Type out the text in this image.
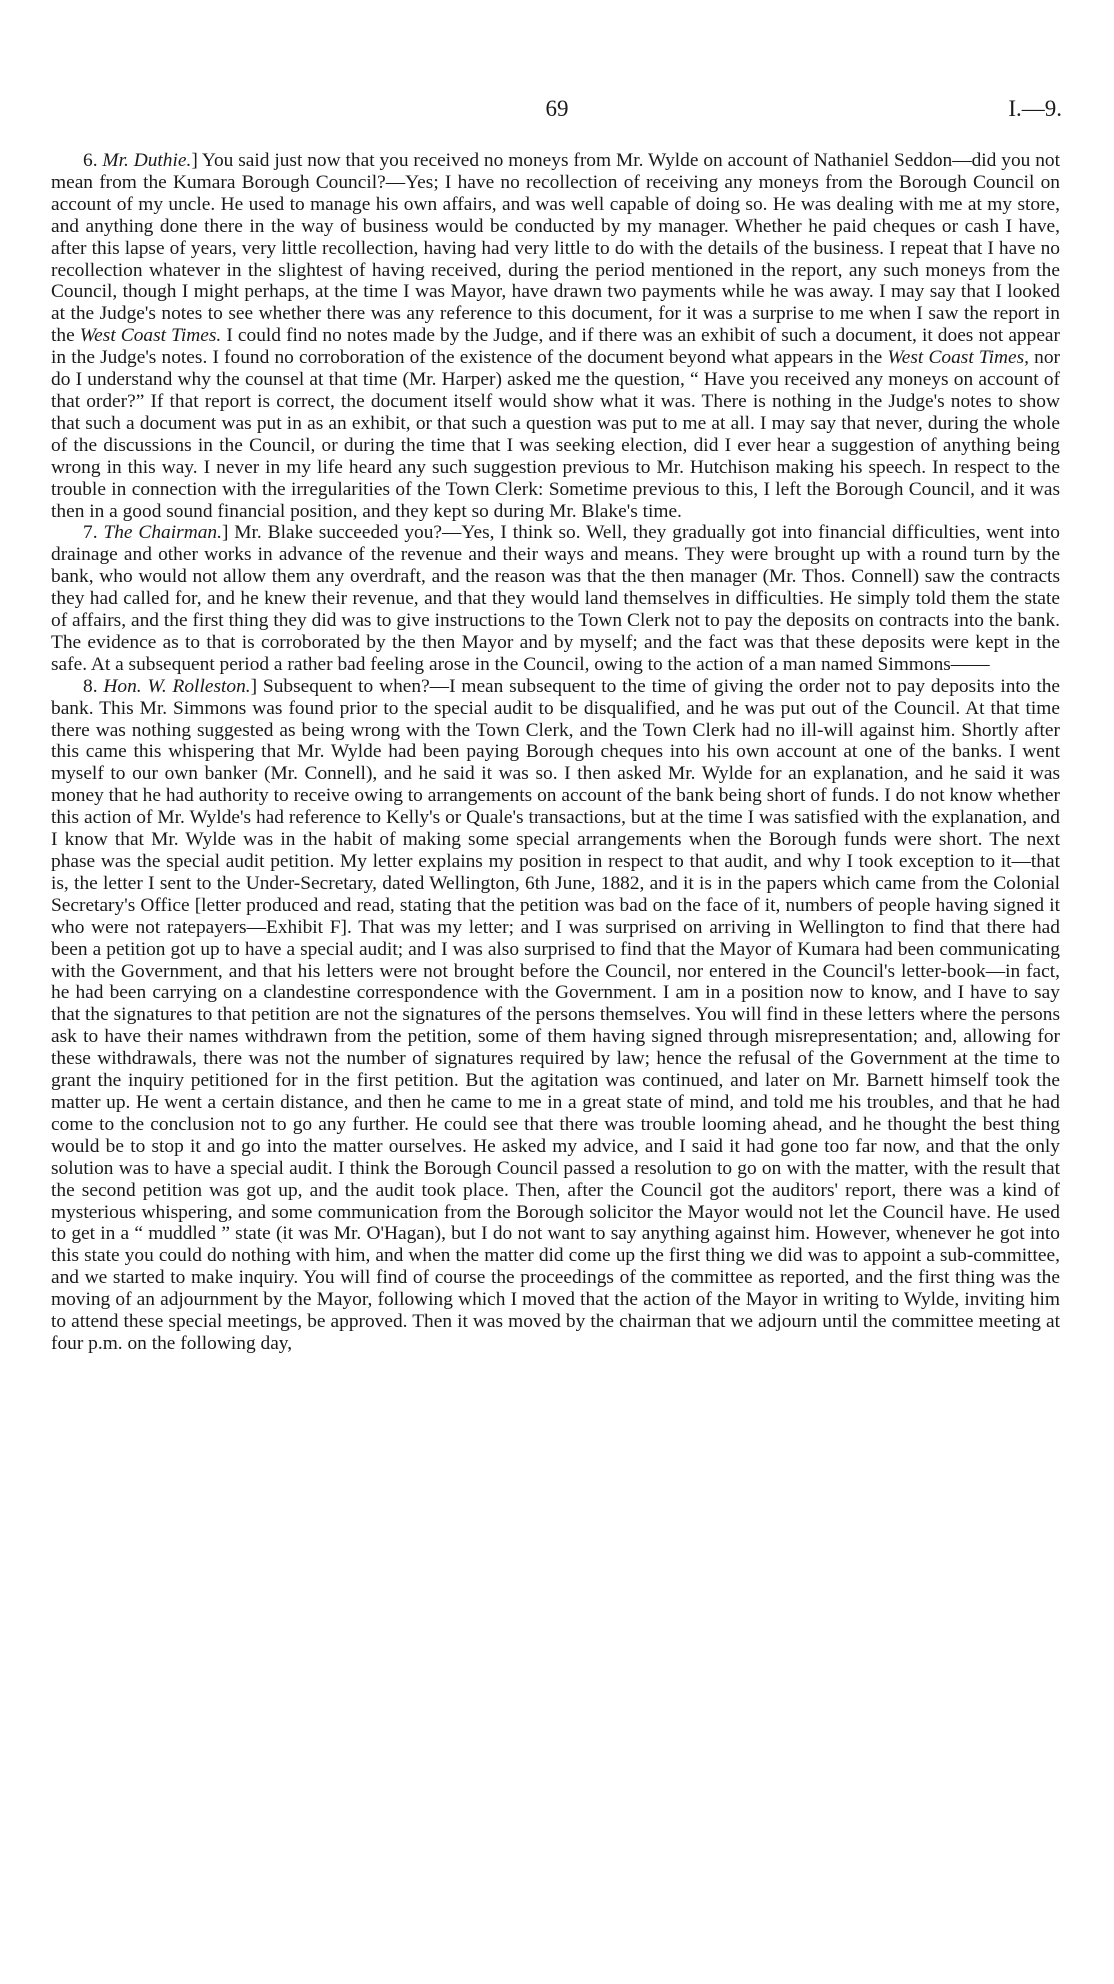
69	I.—9.

6. Mr. Duthie.] You said just now that you received no moneys from Mr. Wylde on account of Nathaniel Seddon—did you not mean from the Kumara Borough Council?—Yes; I have no recollection of receiving any moneys from the Borough Council on account of my uncle. He used to manage his own affairs, and was well capable of doing so. He was dealing with me at my store, and anything done there in the way of business would be conducted by my manager. Whether he paid cheques or cash I have, after this lapse of years, very little recollection, having had very little to do with the details of the business. I repeat that I have no recollection whatever in the slightest of having received, during the period mentioned in the report, any such moneys from the Council, though I might perhaps, at the time I was Mayor, have drawn two payments while he was away. I may say that I looked at the Judge's notes to see whether there was any reference to this document, for it was a surprise to me when I saw the report in the West Coast Times. I could find no notes made by the Judge, and if there was an exhibit of such a document, it does not appear in the Judge's notes. I found no corroboration of the existence of the document beyond what appears in the West Coast Times, nor do I understand why the counsel at that time (Mr. Harper) asked me the question, “ Have you received any moneys on account of that order?” If that report is correct, the document itself would show what it was. There is nothing in the Judge's notes to show that such a document was put in as an exhibit, or that such a question was put to me at all. I may say that never, during the whole of the discussions in the Council, or during the time that I was seeking election, did I ever hear a suggestion of anything being wrong in this way. I never in my life heard any such suggestion previous to Mr. Hutchison making his speech. In respect to the trouble in connection with the irregularities of the Town Clerk: Sometime previous to this, I left the Borough Council, and it was then in a good sound financial position, and they kept so during Mr. Blake's time.

7. The Chairman.] Mr. Blake succeeded you?—Yes, I think so. Well, they gradually got into financial difficulties, went into drainage and other works in advance of the revenue and their ways and means. They were brought up with a round turn by the bank, who would not allow them any overdraft, and the reason was that the then manager (Mr. Thos. Connell) saw the contracts they had called for, and he knew their revenue, and that they would land themselves in difficulties. He simply told them the state of affairs, and the first thing they did was to give instructions to the Town Clerk not to pay the deposits on contracts into the bank. The evidence as to that is corroborated by the then Mayor and by myself; and the fact was that these deposits were kept in the safe. At a subsequent period a rather bad feeling arose in the Council, owing to the action of a man named Simmons——

8. Hon. W. Rolleston.] Subsequent to when?—I mean subsequent to the time of giving the order not to pay deposits into the bank. This Mr. Simmons was found prior to the special audit to be disqualified, and he was put out of the Council. At that time there was nothing suggested as being wrong with the Town Clerk, and the Town Clerk had no ill-will against him. Shortly after this came this whispering that Mr. Wylde had been paying Borough cheques into his own account at one of the banks. I went myself to our own banker (Mr. Connell), and he said it was so. I then asked Mr. Wylde for an explanation, and he said it was money that he had authority to receive owing to arrangements on account of the bank being short of funds. I do not know whether this action of Mr. Wylde's had reference to Kelly's or Quale's transactions, but at the time I was satisfied with the explanation, and I know that Mr. Wylde was in the habit of making some special arrangements when the Borough funds were short. The next phase was the special audit petition. My letter explains my position in respect to that audit, and why I took exception to it—that is, the letter I sent to the Under-Secretary, dated Wellington, 6th June, 1882, and it is in the papers which came from the Colonial Secretary's Office [letter produced and read, stating that the petition was bad on the face of it, numbers of people having signed it who were not ratepayers—Exhibit F]. That was my letter; and I was surprised on arriving in Wellington to find that there had been a petition got up to have a special audit; and I was also surprised to find that the Mayor of Kumara had been communicating with the Government, and that his letters were not brought before the Council, nor entered in the Council's letter-book—in fact, he had been carrying on a clandestine correspondence with the Government. I am in a position now to know, and I have to say that the signatures to that petition are not the signatures of the persons themselves. You will find in these letters where the persons ask to have their names withdrawn from the petition, some of them having signed through misrepresentation; and, allowing for these withdrawals, there was not the number of signatures required by law; hence the refusal of the Government at the time to grant the inquiry petitioned for in the first petition. But the agitation was continued, and later on Mr. Barnett himself took the matter up. He went a certain distance, and then he came to me in a great state of mind, and told me his troubles, and that he had come to the conclusion not to go any further. He could see that there was trouble looming ahead, and he thought the best thing would be to stop it and go into the matter ourselves. He asked my advice, and I said it had gone too far now, and that the only solution was to have a special audit. I think the Borough Council passed a resolution to go on with the matter, with the result that the second petition was got up, and the audit took place. Then, after the Council got the auditors' report, there was a kind of mysterious whispering, and some communication from the Borough solicitor the Mayor would not let the Council have. He used to get in a “ muddled ” state (it was Mr. O'Hagan), but I do not want to say anything against him. However, whenever he got into this state you could do nothing with him, and when the matter did come up the first thing we did was to appoint a sub-committee, and we started to make inquiry. You will find of course the proceedings of the committee as reported, and the first thing was the moving of an adjournment by the Mayor, following which I moved that the action of the Mayor in writing to Wylde, inviting him to attend these special meetings, be approved. Then it was moved by the chairman that we adjourn until the committee meeting at four p.m. on the following day,
